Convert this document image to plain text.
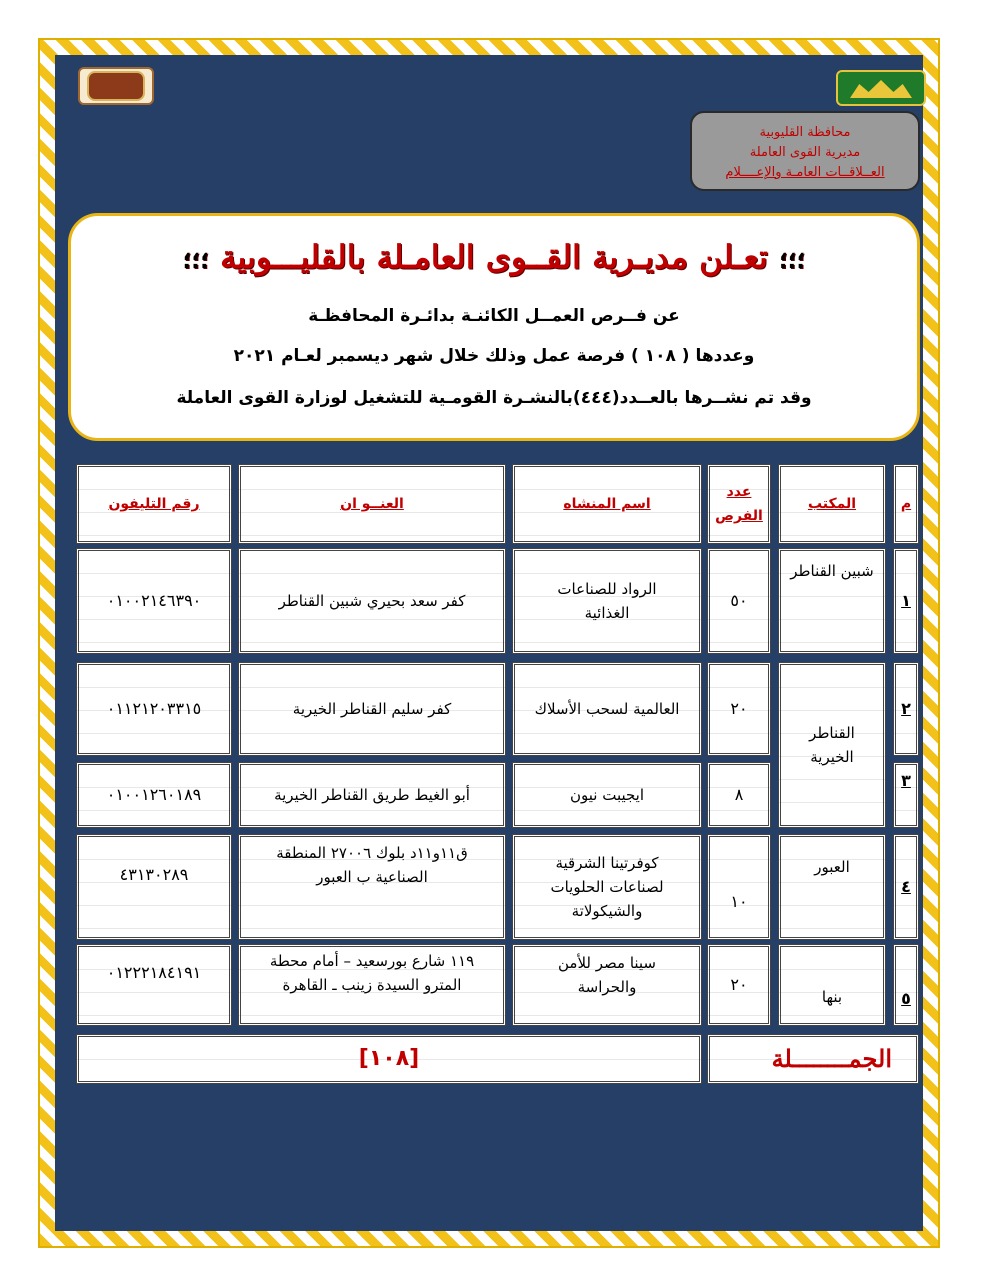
محافظة القليوبية
مديرية القوى العاملة
العــلاقــات العامـة والإعــــلام
؛؛؛ تعـلن مديـرية القــوى العامـلة بالقليـــوبية ؛؛؛
عن فــرص العمــل الكائنـة بدائـرة المحافظـة
وعددها ( ١٠٨ ) فرصة عمل وذلك خلال شهر ديسمبر لعـام ٢٠٢١
وقد تم نشــرها بالعــدد(٤٤٤)بالنشـرة القومـية للتشغيل لوزارة القوى العاملة
م
المكتب
عدد الفرص
اسم المنشاه
العنــو ان
رقم التليفون
١
شبين القناطر
٥٠
الرواد للصناعات الغذائية
كفر سعد بحيري شبين القناطر
٠١٠٠٢١٤٦٣٩٠
٢
القناطر الخيرية
٢٠
العالمية لسحب الأسلاك
كفر سليم القناطر الخيرية
٠١١٢١٢٠٣٣١٥
٣
٨
ايجيبت نيون
أبو الغيط طريق القناطر الخيرية
٠١٠٠١٢٦٠١٨٩
٤
العبور
١٠
كوفرتينا الشرقية لصناعات الحلويات والشيكولاتة
ق١١و١١د بلوك ٢٧٠٠٦ المنطقة الصناعية ب العبور
٤٣١٣٠٢٨٩
٥
بنها
٢٠
سينا مصر للأمن والحراسة
١١٩ شارع بورسعيد – أمام محطة المترو السيدة زينب ـ القاهرة
٠١٢٢٢١٨٤١٩١
الجمــــــــلة
[١٠٨]
